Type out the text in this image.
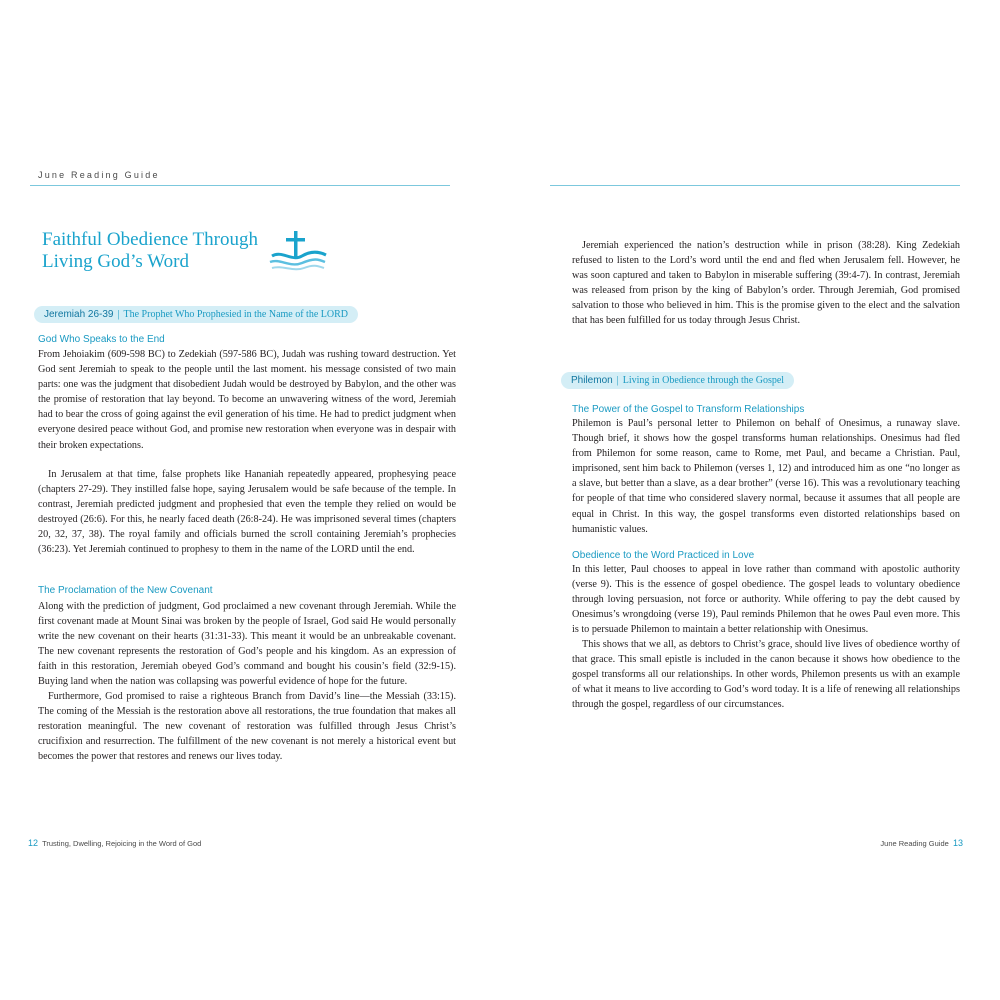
June Reading Guide
Faithful Obedience Through
Living God’s Word
Jeremiah 26-39 | The Prophet Who Prophesied in the Name of the LORD
God Who Speaks to the End
From Jehoiakim (609-598 BC) to Zedekiah (597-586 BC), Judah was rushing toward destruction. Yet God sent Jeremiah to speak to the people until the last moment. his message consisted of two main parts: one was the judgment that disobedient Judah would be destroyed by Babylon, and the other was the promise of restoration that lay beyond. To become an unwavering witness of the word, Jeremiah had to bear the cross of going against the evil generation of his time. He had to predict judgment when everyone desired peace without God, and promise new restoration when everyone was in despair with their broken expectations.
In Jerusalem at that time, false prophets like Hananiah repeatedly appeared, prophesying peace (chapters 27-29). They instilled false hope, saying Jerusalem would be safe because of the temple. In contrast, Jeremiah predicted judgment and prophesied that even the temple they relied on would be destroyed (26:6). For this, he nearly faced death (26:8-24). He was imprisoned several times (chapters 20, 32, 37, 38). The royal family and officials burned the scroll containing Jeremiah’s prophecies (36:23). Yet Jeremiah continued to prophesy to them in the name of the LORD until the end.
The Proclamation of the New Covenant
Along with the prediction of judgment, God proclaimed a new covenant through Jeremiah. While the first covenant made at Mount Sinai was broken by the people of Israel, God said He would personally write the new covenant on their hearts (31:31-33). This meant it would be an unbreakable covenant. The new covenant represents the restoration of God’s people and his kingdom. As an expression of faith in this restoration, Jeremiah obeyed God’s command and bought his cousin’s field (32:9-15). Buying land when the nation was collapsing was powerful evidence of hope for the future.
Furthermore, God promised to raise a righteous Branch from David’s line—the Messiah (33:15). The coming of the Messiah is the restoration above all restorations, the true foundation that makes all restoration meaningful. The new covenant of restoration was fulfilled through Jesus Christ’s crucifixion and resurrection. The fulfillment of the new covenant is not merely a historical event but becomes the power that restores and renews our lives today.
12 Trusting, Dwelling, Rejoicing in the Word of God
Jeremiah experienced the nation’s destruction while in prison (38:28). King Zedekiah refused to listen to the Lord’s word until the end and fled when Jerusalem fell. However, he was soon captured and taken to Babylon in miserable suffering (39:4-7). In contrast, Jeremiah was released from prison by the king of Babylon’s order. Through Jeremiah, God promised salvation to those who believed in him. This is the promise given to the elect and the salvation that has been fulfilled for us today through Jesus Christ.
Philemon | Living in Obedience through the Gospel
The Power of the Gospel to Transform Relationships
Philemon is Paul’s personal letter to Philemon on behalf of Onesimus, a runaway slave. Though brief, it shows how the gospel transforms human relationships. Onesimus had fled from Philemon for some reason, came to Rome, met Paul, and became a Christian. Paul, imprisoned, sent him back to Philemon (verses 1, 12) and introduced him as one “no longer as a slave, but better than a slave, as a dear brother” (verse 16). This was a revolutionary teaching for people of that time who considered slavery normal, because it assumes that all people are equal in Christ. In this way, the gospel transforms even distorted relationships based on humanistic values.
Obedience to the Word Practiced in Love
In this letter, Paul chooses to appeal in love rather than command with apostolic authority (verse 9). This is the essence of gospel obedience. The gospel leads to voluntary obedience through loving persuasion, not force or authority. While offering to pay the debt caused by Onesimus’s wrongdoing (verse 19), Paul reminds Philemon that he owes Paul even more. This is to persuade Philemon to maintain a better relationship with Onesimus.
This shows that we all, as debtors to Christ’s grace, should live lives of obedience worthy of that grace. This small epistle is included in the canon because it shows how obedience to the gospel transforms all our relationships. In other words, Philemon presents us with an example of what it means to live according to God’s word today. It is a life of renewing all relationships through the gospel, regardless of our circumstances.
June Reading Guide 13
